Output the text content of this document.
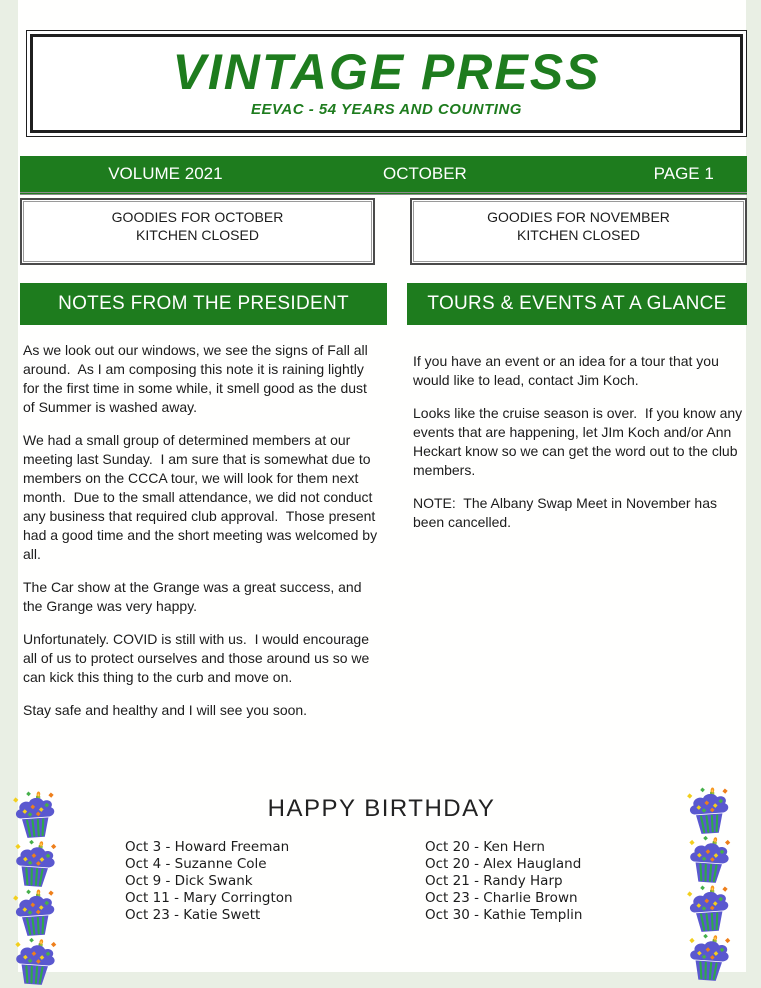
VINTAGE PRESS
EEVAC - 54 YEARS AND COUNTING
VOLUME 2021	OCTOBER	PAGE 1
GOODIES FOR OCTOBER
KITCHEN CLOSED
GOODIES FOR NOVEMBER
KITCHEN CLOSED
NOTES FROM THE PRESIDENT

As we look out our windows, we see the signs of Fall all around.  As I am composing this note it is raining lightly for the first time in some while, it smell good as the dust of Summer is washed away.

We had a small group of determined members at our meeting last Sunday.  I am sure that is somewhat due to members on the CCCA tour, we will look for them next month.  Due to the small attendance, we did not conduct any business that required club approval.  Those present had a good time and the short meeting was welcomed by all.

The Car show at the Grange was a great success, and the Grange was very happy.

Unfortunately. COVID is still with us.  I would encourage all of us to protect ourselves and those around us so we can kick this thing to the curb and move on.

Stay safe and healthy and I will see you soon.

TOURS & EVENTS AT A GLANCE

If you have an event or an idea for a tour that you would like to lead, contact Jim Koch.

Looks like the cruise season is over.  If you know any events that are happening, let JIm Koch and/or Ann Heckart know so we can get the word out to the club members.

NOTE:  The Albany Swap Meet in November has been cancelled.

HAPPY BIRTHDAY
Oct 3 - Howard Freeman
Oct 4 - Suzanne Cole
Oct 9 - Dick Swank
Oct 11 - Mary Corrington
Oct 23 - Katie Swett
Oct 20 - Ken Hern
Oct 20 - Alex Haugland
Oct 21 - Randy Harp
Oct 23 - Charlie Brown
Oct 30 - Kathie Templin
